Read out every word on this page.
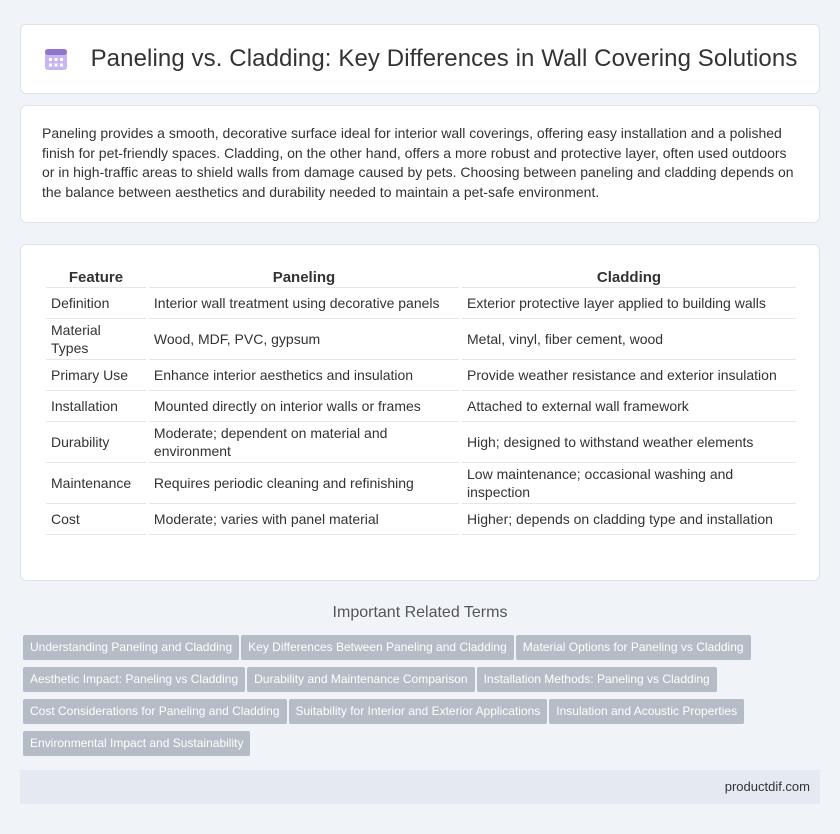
Paneling vs. Cladding: Key Differences in Wall Covering Solutions

Paneling provides a smooth, decorative surface ideal for interior wall coverings, offering easy installation and a polished finish for pet-friendly spaces. Cladding, on the other hand, offers a more robust and protective layer, often used outdoors or in high-traffic areas to shield walls from damage caused by pets. Choosing between paneling and cladding depends on the balance between aesthetics and durability needed to maintain a pet-safe environment.

Feature	Paneling	Cladding
Definition	Interior wall treatment using decorative panels	Exterior protective layer applied to building walls
Material Types	Wood, MDF, PVC, gypsum	Metal, vinyl, fiber cement, wood
Primary Use	Enhance interior aesthetics and insulation	Provide weather resistance and exterior insulation
Installation	Mounted directly on interior walls or frames	Attached to external wall framework
Durability	Moderate; dependent on material and environment	High; designed to withstand weather elements
Maintenance	Requires periodic cleaning and refinishing	Low maintenance; occasional washing and inspection
Cost	Moderate; varies with panel material	Higher; depends on cladding type and installation
Important Related Terms
Understanding Paneling and Cladding Key Differences Between Paneling and Cladding Material Options for Paneling vs Cladding
Aesthetic Impact: Paneling vs Cladding Durability and Maintenance Comparison Installation Methods: Paneling vs Cladding
Cost Considerations for Paneling and Cladding Suitability for Interior and Exterior Applications Insulation and Acoustic Properties
Environmental Impact and Sustainability
productdif.com
